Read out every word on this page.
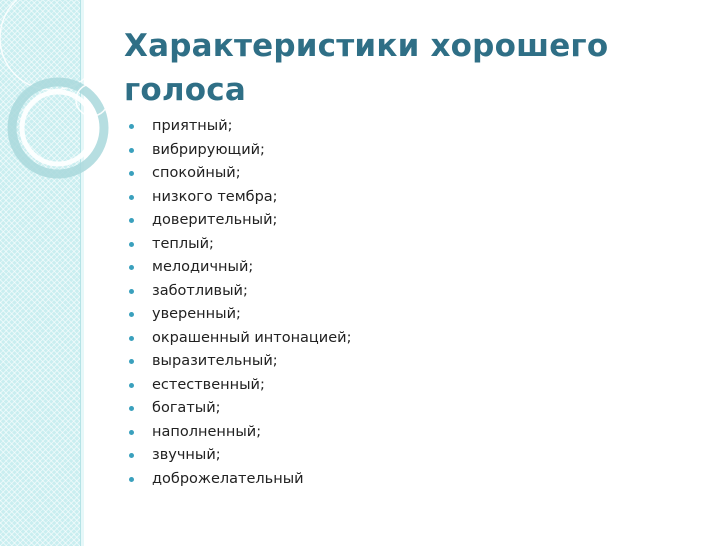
Характеристики хорошего
голоса
приятный;
вибрирующий;
спокойный;
низкого тембра;
доверительный;
теплый;
мелодичный;
заботливый;
уверенный;
окрашенный интонацией;
выразительный;
естественный;
богатый;
наполненный;
звучный;
доброжелательный
